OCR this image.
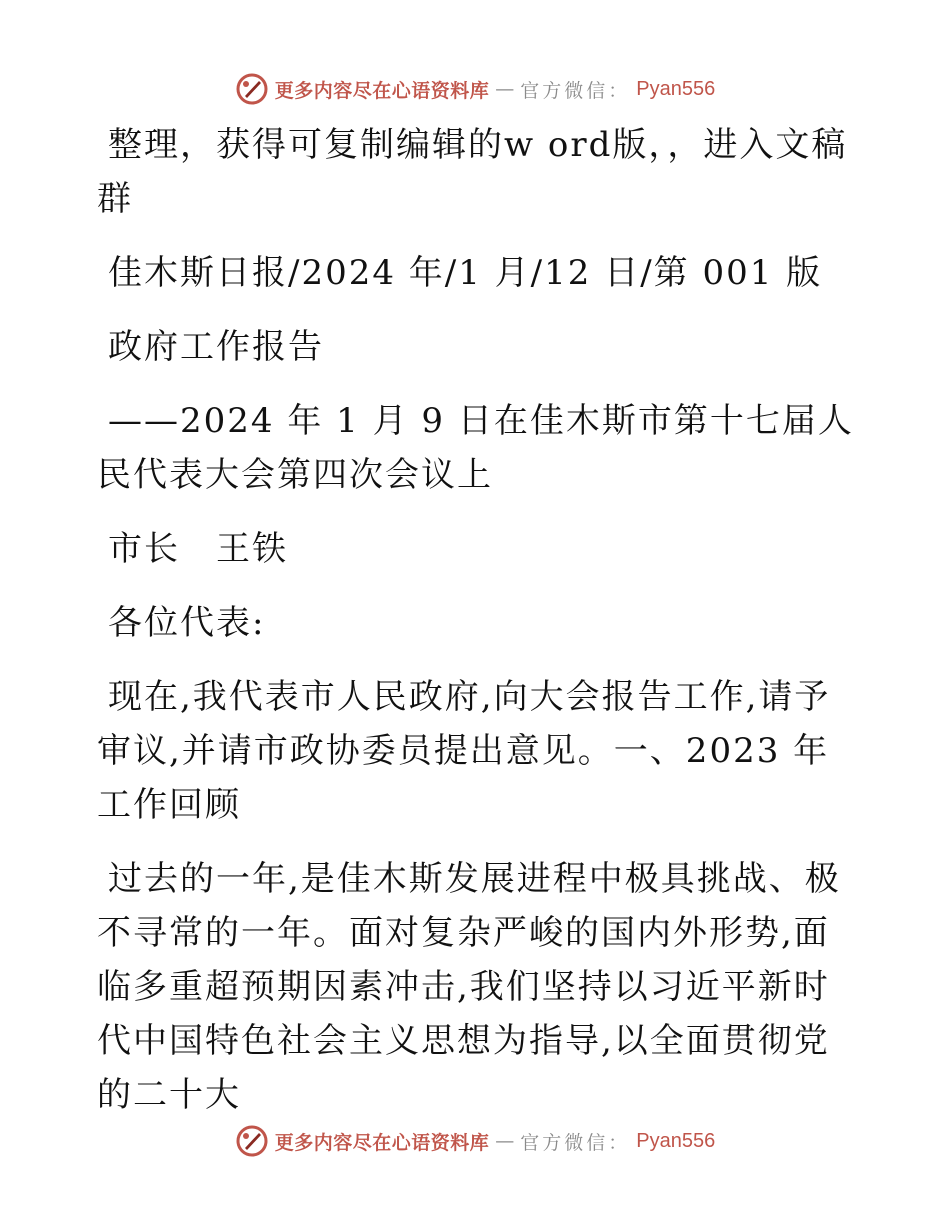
更多内容尽在心语资料库 — 官方微信： Pyan556

整理，获得可复制编辑的w ord版，，进入文稿群

佳木斯日报/2024 年/1 月/12 日/第 001 版

政府工作报告

——2024 年 1 月 9 日在佳木斯市第十七届人民代表大会第四次会议上

市长　王铁

各位代表:

现在,我代表市人民政府,向大会报告工作,请予审议,并请市政协委员提出意见。一、2023 年工作回顾

过去的一年,是佳木斯发展进程中极具挑战、极不寻常的一年。面对复杂严峻的国内外形势,面临多重超预期因素冲击,我们坚持以习近平新时代中国特色社会主义思想为指导,以全面贯彻党的二十大

更多内容尽在心语资料库 — 官方微信： Pyan556
